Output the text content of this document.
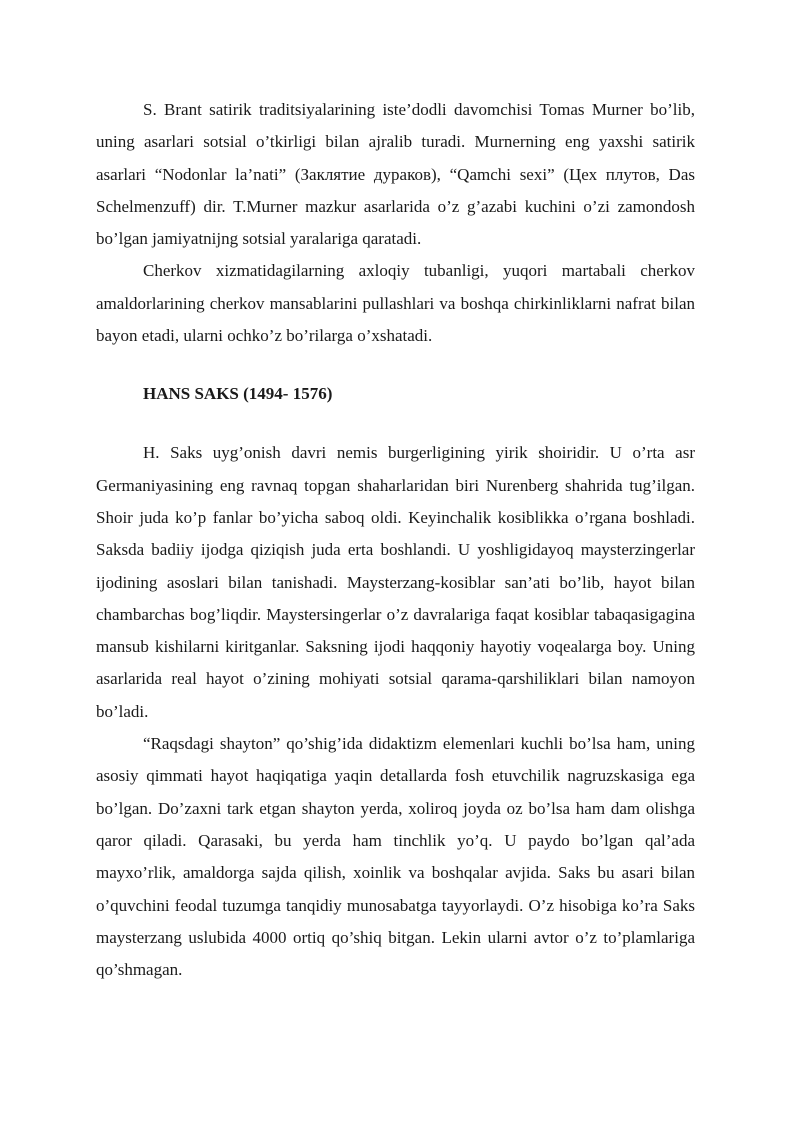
S. Brant satirik traditsiyalarining iste’dodli davomchisi Tomas Murner bo’lib, uning asarlari sotsial o’tkirligi bilan ajralib turadi. Murnerning eng yaxshi satirik asarlari “Nodonlar la’nati” (Заклятие дураков), “Qamchi sexi” (Цех плутов, Das Schelmenzuff) dir. T.Murner mazkur asarlarida o’z g’azabi kuchini o’zi zamondosh bo’lgan jamiyatnijng sotsial yaralariga qaratadi.

Cherkov xizmatidagilarning axloqiy tubanligi, yuqori martabali cherkov amaldorlarining cherkov mansablarini pullashlari va boshqa chirkinliklarni nafrat bilan bayon etadi, ularni ochko’z bo’rilarga o’xshatadi.

HANS SAKS (1494- 1576)

H. Saks uyg’onish davri nemis burgerligining yirik shoiridir. U o’rta asr Germaniyasining eng ravnaq topgan shaharlaridan biri Nurenberg shahrida tug’ilgan. Shoir juda ko’p fanlar bo’yicha saboq oldi. Keyinchalik kosiblikka o’rgana boshladi. Saksda badiiy ijodga qiziqish juda erta boshlandi. U yoshligidayoq maysterzingerlar ijodining asoslari bilan tanishadi. Maysterzang-kosiblar san’ati bo’lib, hayot bilan chambarchas bog’liqdir. Maystersingerlar o’z davralariga faqat kosiblar tabaqasigagina mansub kishilarni kiritganlar. Saksning ijodi haqqoniy hayotiy voqealarga boy. Uning asarlarida real hayot o’zining mohiyati sotsial qarama-qarshiliklari bilan namoyon bo’ladi.

“Raqsdagi shayton” qo’shig’ida didaktizm elemenlari kuchli bo’lsa ham, uning asosiy qimmati hayot haqiqatiga yaqin detallarda fosh etuvchilik nagruzskasiga ega bo’lgan. Do’zaxni tark etgan shayton yerda, xoliroq joyda oz bo’lsa ham dam olishga qaror qiladi. Qarasaki, bu yerda ham tinchlik yo’q. U paydo bo’lgan qal’ada mayxo’rlik, amaldorga sajda qilish, xoinlik va boshqalar avjida. Saks bu asari bilan o’quvchini feodal tuzumga tanqidiy munosabatga tayyorlaydi. O’z hisobiga ko’ra Saks maysterzang uslubida 4000 ortiq qo’shiq bitgan. Lekin ularni avtor o’z to’plamlariga qo’shmagan.
